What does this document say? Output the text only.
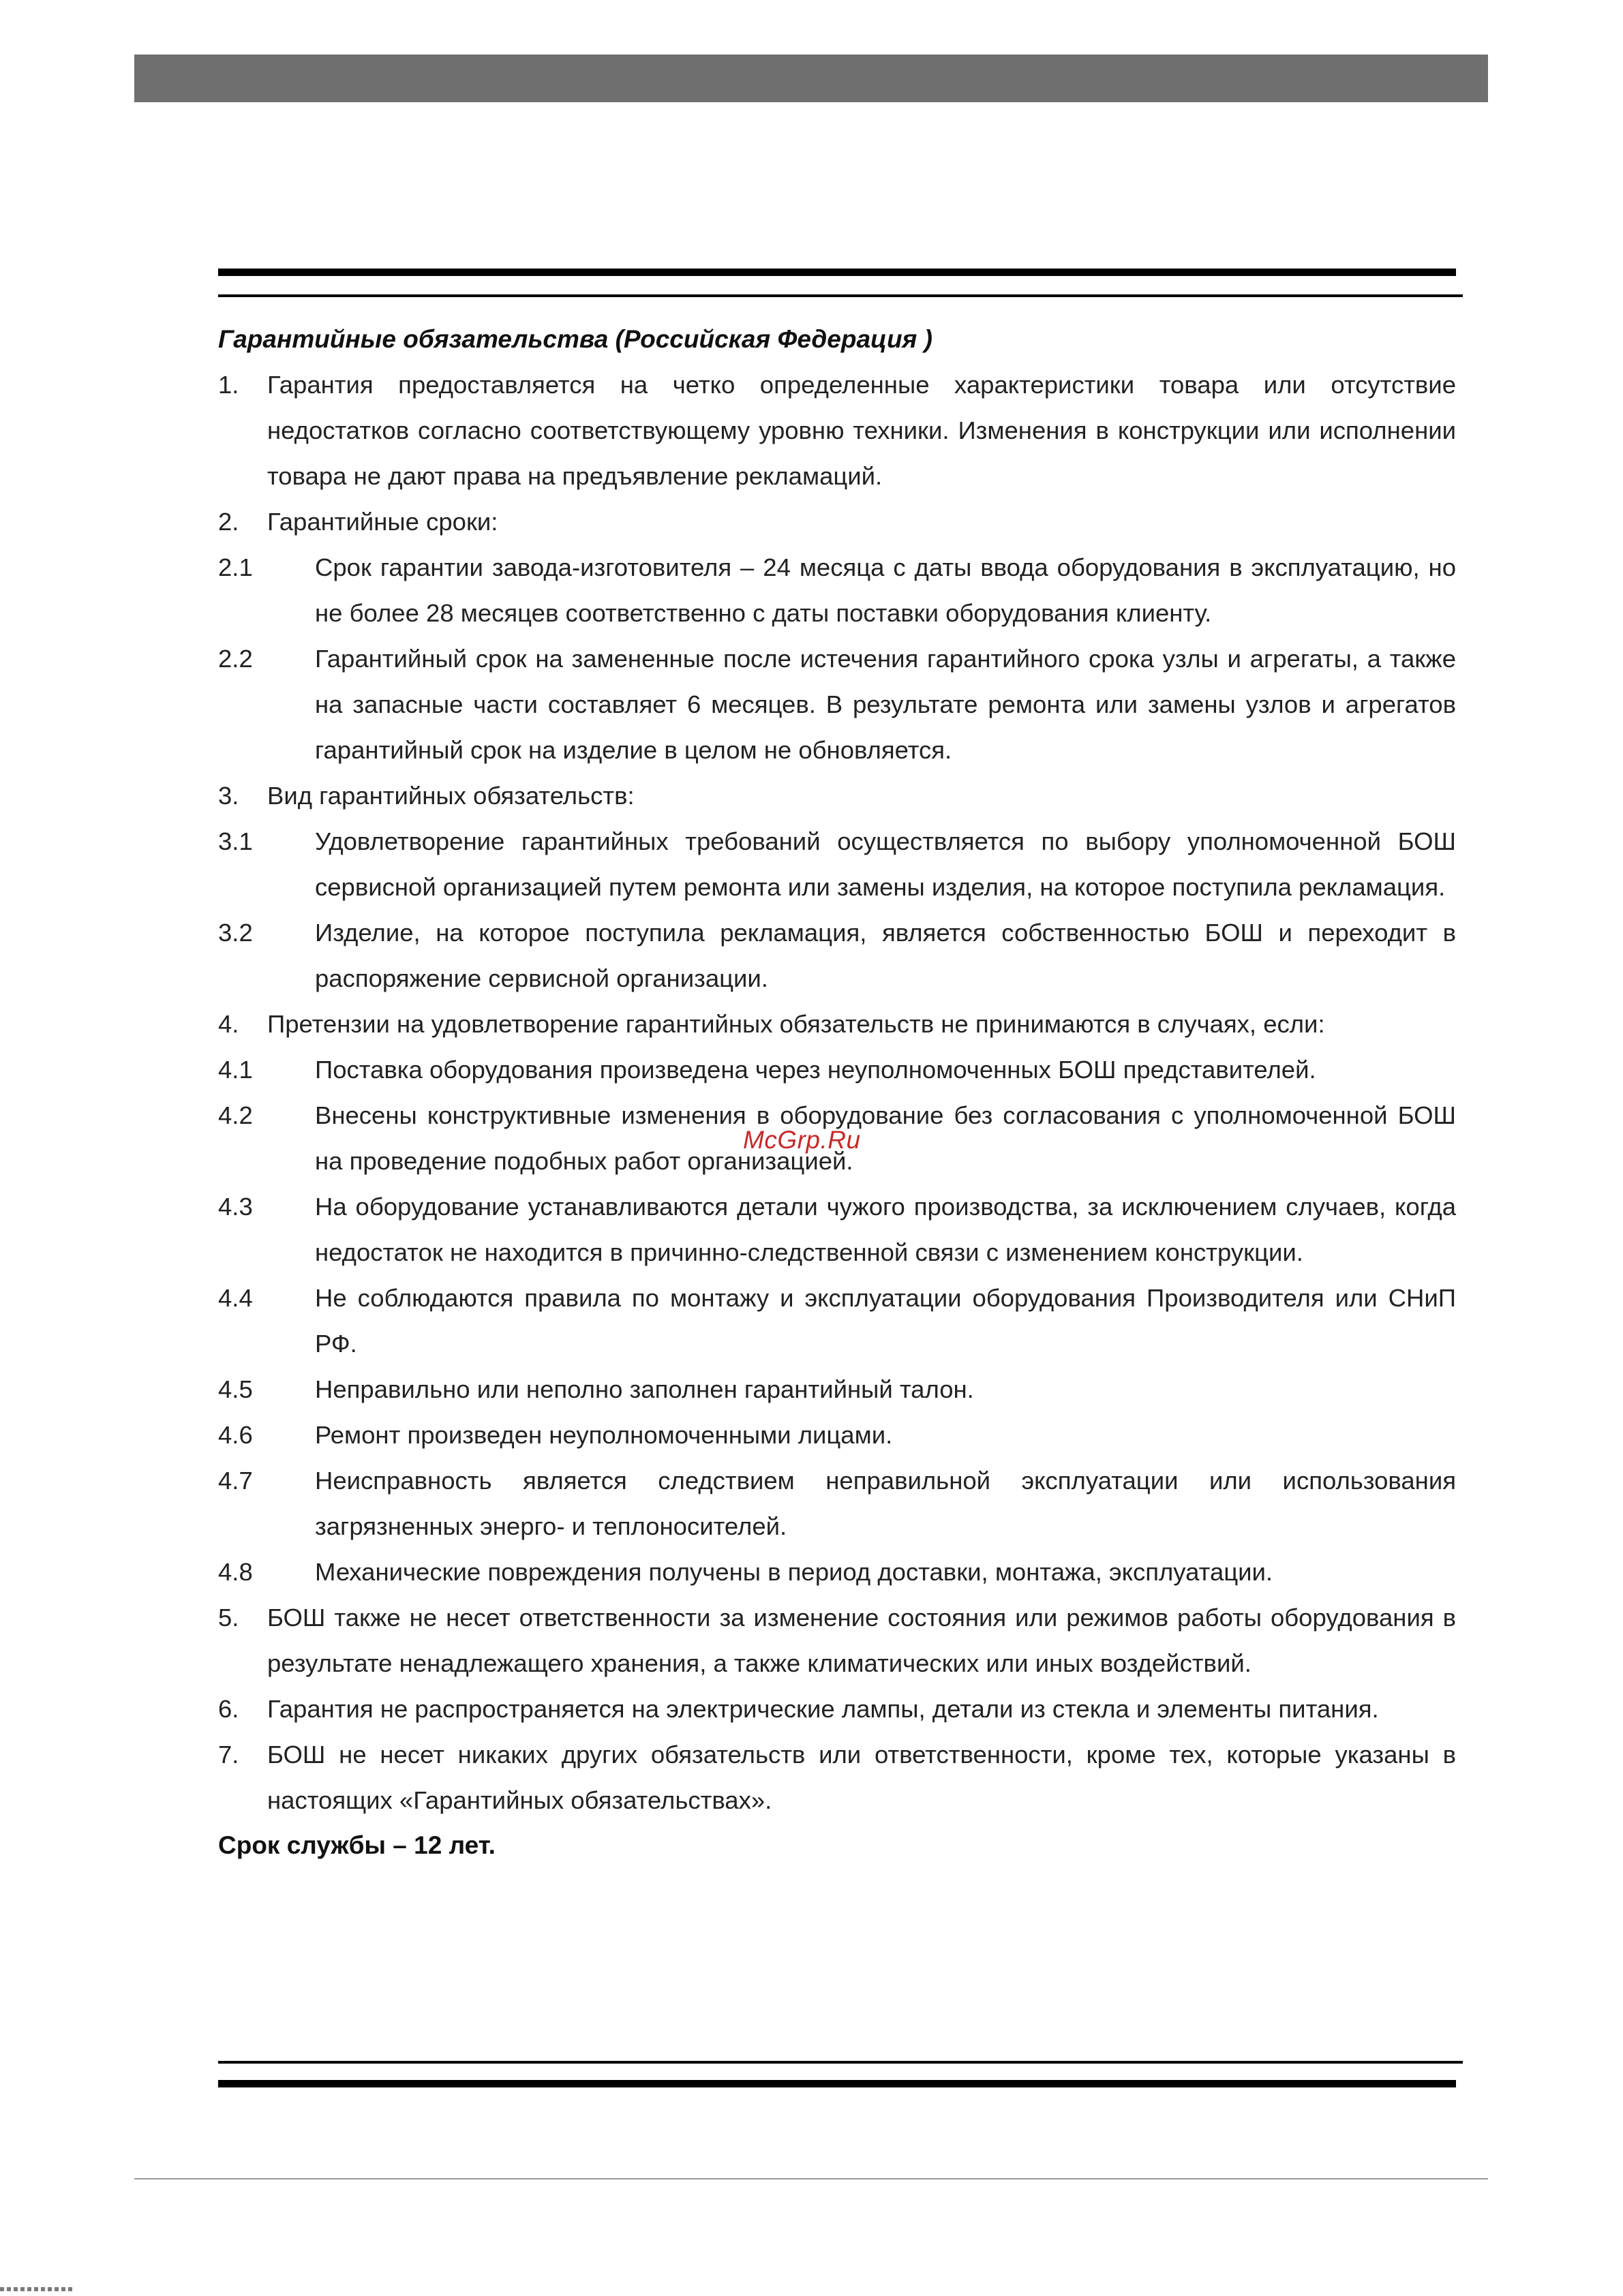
Гарантийные обязательства (Российская Федерация )
1. Гарантия предоставляется на четко определенные характеристики товара или отсутствие недостатков согласно соответствующему уровню техники. Изменения в конструкции или исполнении товара не дают права на предъявление рекламаций.
2. Гарантийные сроки:
2.1	Срок гарантии завода-изготовителя – 24 месяца с даты ввода оборудования в эксплуатацию, но не более 28 месяцев соответственно с даты поставки оборудования клиенту.
2.2	Гарантийный срок на замененные после истечения гарантийного срока узлы и агрегаты, а также на запасные части составляет 6 месяцев. В результате ремонта или замены узлов и агрегатов гарантийный срок на изделие в целом не обновляется.
3. Вид гарантийных обязательств:
3.1	Удовлетворение гарантийных требований осуществляется по выбору уполномоченной БОШ сервисной организацией путем ремонта или замены изделия, на которое поступила рекламация.
3.2	Изделие, на которое поступила рекламация, является собственностью БОШ и переходит в распоряжение сервисной организации.
4. Претензии на удовлетворение гарантийных обязательств не принимаются в случаях, если:
4.1	Поставка оборудования произведена через неуполномоченных БОШ представителей.
4.2	Внесены конструктивные изменения в оборудование без согласования с уполномоченной БОШ на проведение подобных работ организацией.
4.3	На оборудование устанавливаются детали чужого производства, за исключением случаев, когда недостаток не находится в причинно-следственной связи с изменением конструкции.
4.4	Не соблюдаются правила по монтажу и эксплуатации оборудования Производителя или СНиП РФ.
4.5	Неправильно или неполно заполнен гарантийный талон.
4.6	Ремонт произведен неуполномоченными лицами.
4.7	Неисправность является следствием неправильной эксплуатации или использования загрязненных энерго- и теплоносителей.
4.8	Механические повреждения получены в период доставки, монтажа, эксплуатации.
5. БОШ также не несет ответственности за изменение состояния или режимов работы оборудования в результате ненадлежащего хранения, а также климатических или иных воздействий.
6. Гарантия не распространяется на электрические лампы, детали из стекла и элементы питания.
7. БОШ не несет никаких других обязательств или ответственности, кроме тех, которые указаны в настоящих «Гарантийных обязательствах».
Срок службы – 12 лет.
McGrp.Ru
